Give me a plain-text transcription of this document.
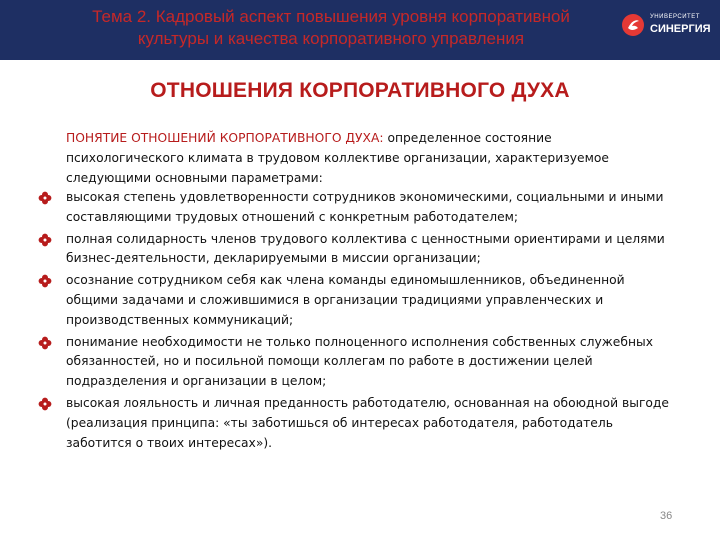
Тема 2. Кадровый аспект повышения уровня корпоративной
культуры и качества корпоративного управления
УНИВЕРСИТЕТ
СИНЕРГИЯ
ОТНОШЕНИЯ КОРПОРАТИВНОГО ДУХА
ПОНЯТИЕ ОТНОШЕНИЙ КОРПОРАТИВНОГО ДУХА: определенное состояние психологического климата в трудовом коллективе организации, характеризуемое следующими основными параметрами:
высокая степень удовлетворенности сотрудников экономическими, социальными и иными составляющими трудовых отношений с конкретным работодателем;
полная солидарность членов трудового коллектива с ценностными ориентирами и целями бизнес-деятельности, декларируемыми в миссии организации;
осознание сотрудником себя как члена команды единомышленников, объединенной общими задачами и сложившимися в организации традициями управленческих и производственных коммуникаций;
понимание необходимости не только полноценного исполнения собственных служебных обязанностей, но и посильной помощи коллегам по работе в достижении целей подразделения и организации в целом;
высокая лояльность и личная преданность работодателю, основанная на обоюдной выгоде (реализация принципа: «ты заботишься об интересах работодателя, работодатель заботится о твоих интересах»).
36
